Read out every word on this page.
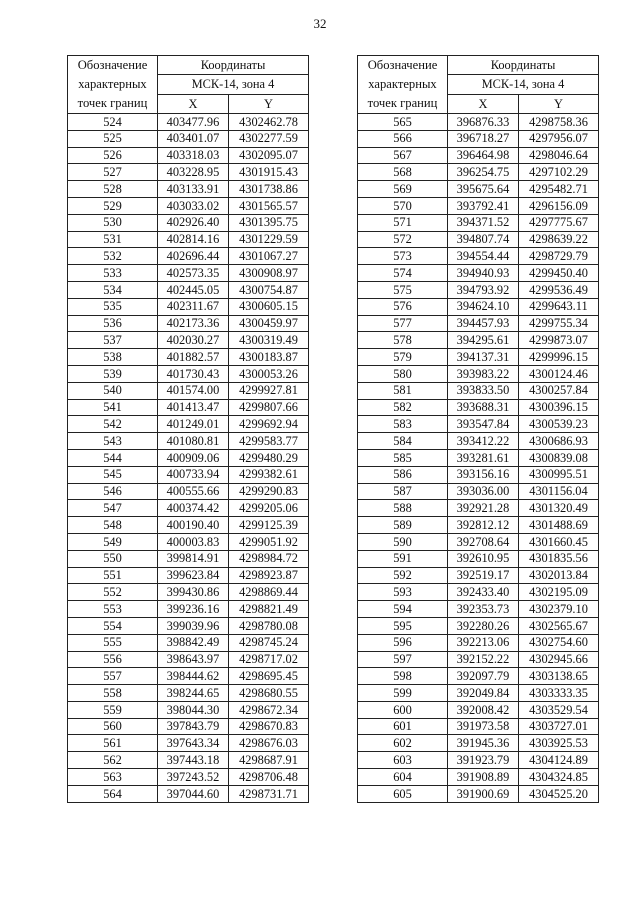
32
Обозначение
характерных
точек границ	Координаты	
	МСК-14, зона 4	
	X	Y
524	403477.96	4302462.78
525	403401.07	4302277.59
526	403318.03	4302095.07
527	403228.95	4301915.43
528	403133.91	4301738.86
529	403033.02	4301565.57
530	402926.40	4301395.75
531	402814.16	4301229.59
532	402696.44	4301067.27
533	402573.35	4300908.97
534	402445.05	4300754.87
535	402311.67	4300605.15
536	402173.36	4300459.97
537	402030.27	4300319.49
538	401882.57	4300183.87
539	401730.43	4300053.26
540	401574.00	4299927.81
541	401413.47	4299807.66
542	401249.01	4299692.94
543	401080.81	4299583.77
544	400909.06	4299480.29
545	400733.94	4299382.61
546	400555.66	4299290.83
547	400374.42	4299205.06
548	400190.40	4299125.39
549	400003.83	4299051.92
550	399814.91	4298984.72
551	399623.84	4298923.87
552	399430.86	4298869.44
553	399236.16	4298821.49
554	399039.96	4298780.08
555	398842.49	4298745.24
556	398643.97	4298717.02
557	398444.62	4298695.45
558	398244.65	4298680.55
559	398044.30	4298672.34
560	397843.79	4298670.83
561	397643.34	4298676.03
562	397443.18	4298687.91
563	397243.52	4298706.48
564	397044.60	4298731.71
Обозначение
характерных
точек границ	Координаты	
	МСК-14, зона 4	
	X	Y
565	396876.33	4298758.36
566	396718.27	4297956.07
567	396464.98	4298046.64
568	396254.75	4297102.29
569	395675.64	4295482.71
570	393792.41	4296156.09
571	394371.52	4297775.67
572	394807.74	4298639.22
573	394554.44	4298729.79
574	394940.93	4299450.40
575	394793.92	4299536.49
576	394624.10	4299643.11
577	394457.93	4299755.34
578	394295.61	4299873.07
579	394137.31	4299996.15
580	393983.22	4300124.46
581	393833.50	4300257.84
582	393688.31	4300396.15
583	393547.84	4300539.23
584	393412.22	4300686.93
585	393281.61	4300839.08
586	393156.16	4300995.51
587	393036.00	4301156.04
588	392921.28	4301320.49
589	392812.12	4301488.69
590	392708.64	4301660.45
591	392610.95	4301835.56
592	392519.17	4302013.84
593	392433.40	4302195.09
594	392353.73	4302379.10
595	392280.26	4302565.67
596	392213.06	4302754.60
597	392152.22	4302945.66
598	392097.79	4303138.65
599	392049.84	4303333.35
600	392008.42	4303529.54
601	391973.58	4303727.01
602	391945.36	4303925.53
603	391923.79	4304124.89
604	391908.89	4304324.85
605	391900.69	4304525.20
